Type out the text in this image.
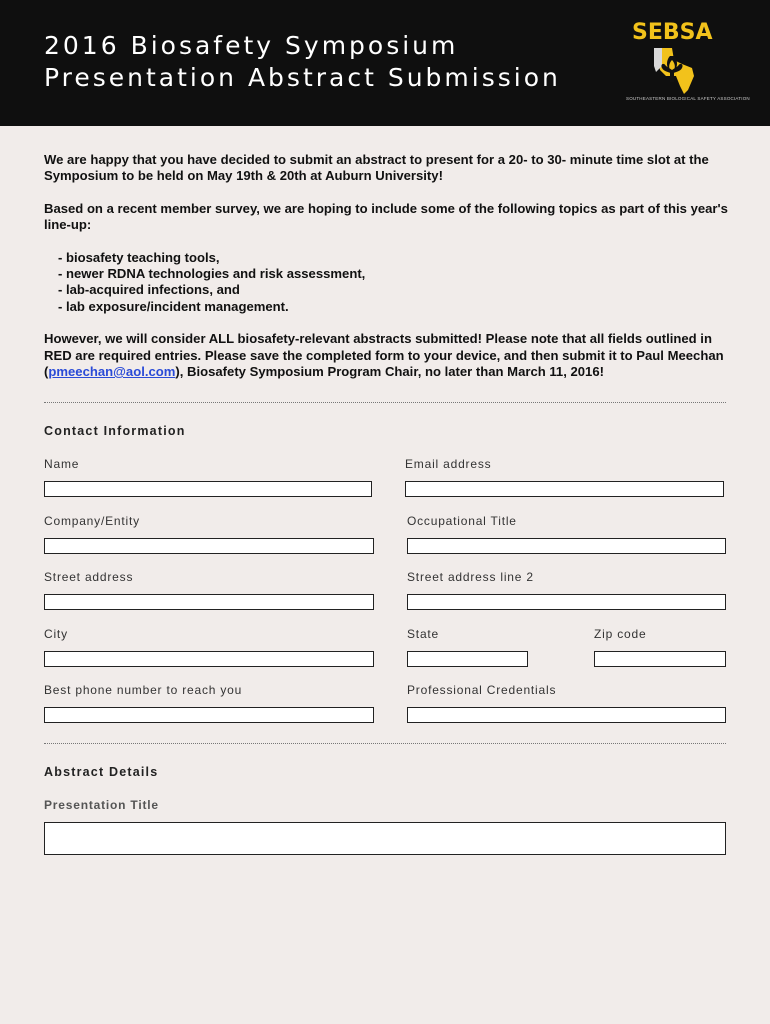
2016 Biosafety Symposium
Presentation Abstract Submission
SEBSA
SOUTHEASTERN BIOLOGICAL SAFETY ASSOCIATION

We are happy that you have decided to submit an abstract to present for a 20- to 30- minute time slot at the Symposium to be held on May 19th & 20th at Auburn University!

Based on a recent member survey, we are hoping to include some of the following topics as part of this year's line-up:

- biosafety teaching tools,
- newer RDNA technologies and risk assessment,
- lab-acquired infections, and
- lab exposure/incident management.

However, we will consider ALL biosafety-relevant abstracts submitted! Please note that all fields outlined in RED are required entries. Please save the completed form to your device, and then submit it to Paul Meechan (pmeechan@aol.com), Biosafety Symposium Program Chair, no later than March 11, 2016!

Contact Information
Name	Email address
Company/Entity	Occupational Title
Street address	Street address line 2
City	State	Zip code
Best phone number to reach you	Professional Credentials
Abstract Details
Presentation Title
